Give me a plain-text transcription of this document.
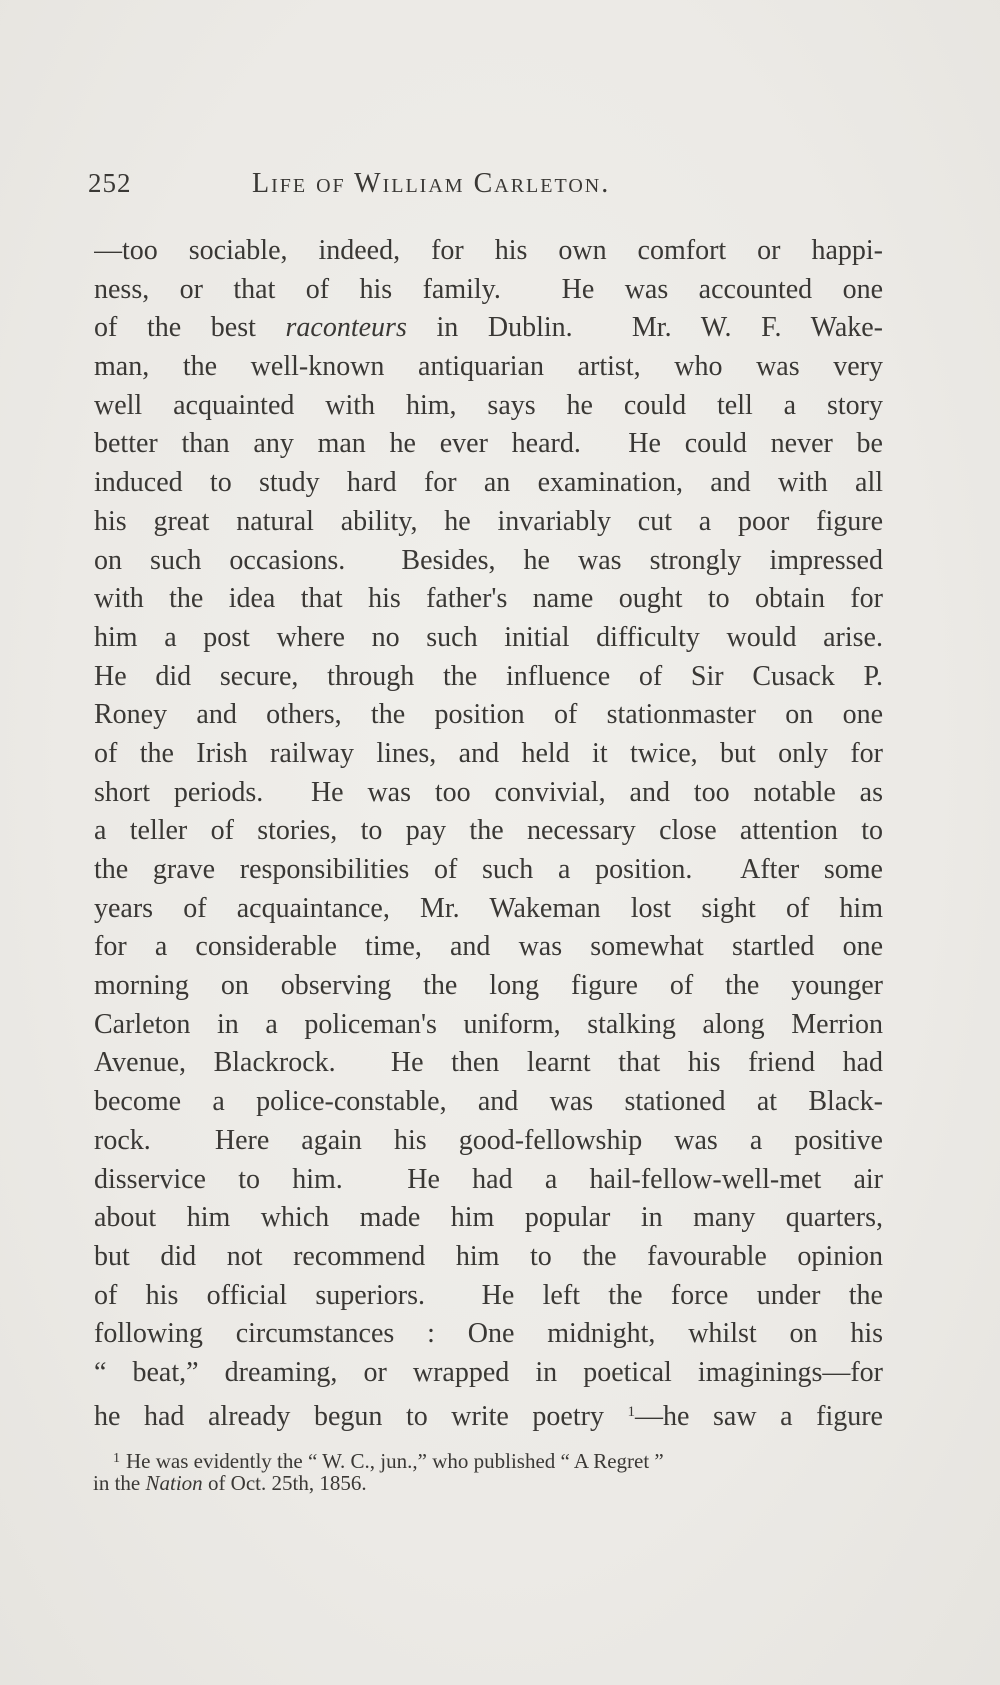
252	Life of William Carleton.
—too sociable, indeed, for his own comfort or happi-
ness, or that of his family.  He was accounted one
of the best raconteurs in Dublin.  Mr. W. F. Wake-
man, the well-known antiquarian artist, who was very
well acquainted with him, says he could tell a story
better than any man he ever heard.  He could never be
induced to study hard for an examination, and with all
his great natural ability, he invariably cut a poor figure
on such occasions.  Besides, he was strongly impressed
with the idea that his father's name ought to obtain for
him a post where no such initial difficulty would arise.
He did secure, through the influence of Sir Cusack P.
Roney and others, the position of stationmaster on one
of the Irish railway lines, and held it twice, but only for
short periods.  He was too convivial, and too notable as
a teller of stories, to pay the necessary close attention to
the grave responsibilities of such a position.  After some
years of acquaintance, Mr. Wakeman lost sight of him
for a considerable time, and was somewhat startled one
morning on observing the long figure of the younger
Carleton in a policeman's uniform, stalking along Merrion
Avenue, Blackrock.  He then learnt that his friend had
become a police-constable, and was stationed at Black-
rock.  Here again his good-fellowship was a positive
disservice to him.  He had a hail-fellow-well-met air
about him which made him popular in many quarters,
but did not recommend him to the favourable opinion
of his official superiors.  He left the force under the
following circumstances : One midnight, whilst on his
“ beat,” dreaming, or wrapped in poetical imaginings—for
he had already begun to write poetry $^1$—he saw a figure
$^1$ He was evidently the “ W. C., jun.,” who published “ A Regret ”
in the Nation of Oct. 25th, 1856.
